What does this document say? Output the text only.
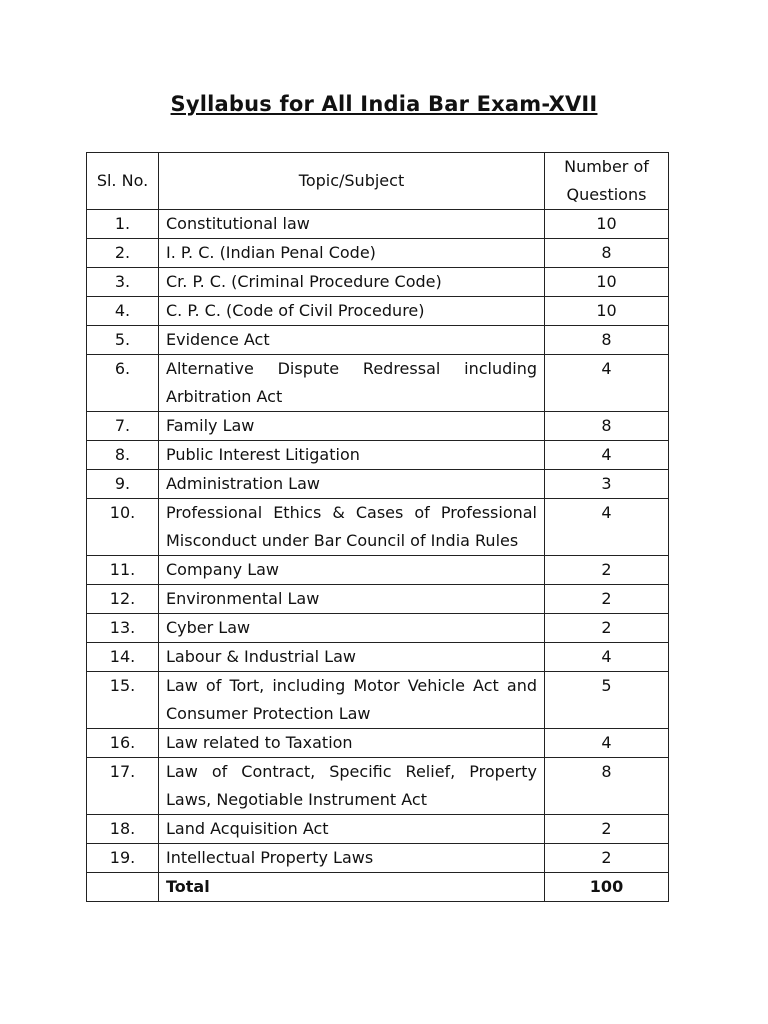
Syllabus for All India Bar Exam-XVII
Sl. No.	Topic/Subject	Number of
Questions
1.	Constitutional law	10
2.	I. P. C. (Indian Penal Code)	8
3.	Cr. P. C. (Criminal Procedure Code)	10
4.	C. P. C. (Code of Civil Procedure)	10
5.	Evidence Act	8
6.	Alternative Dispute Redressal including Arbitration Act	4
7.	Family Law	8
8.	Public Interest Litigation	4
9.	Administration Law	3
10.	Professional Ethics & Cases of Professional Misconduct under Bar Council of India Rules	4
11.	Company Law	2
12.	Environmental Law	2
13.	Cyber Law	2
14.	Labour & Industrial Law	4
15.	Law of Tort, including Motor Vehicle Act and Consumer Protection Law	5
16.	Law related to Taxation	4
17.	Law of Contract, Specific Relief, Property Laws, Negotiable Instrument Act	8
18.	Land Acquisition Act	2
19.	Intellectual Property Laws	2
	Total	100
